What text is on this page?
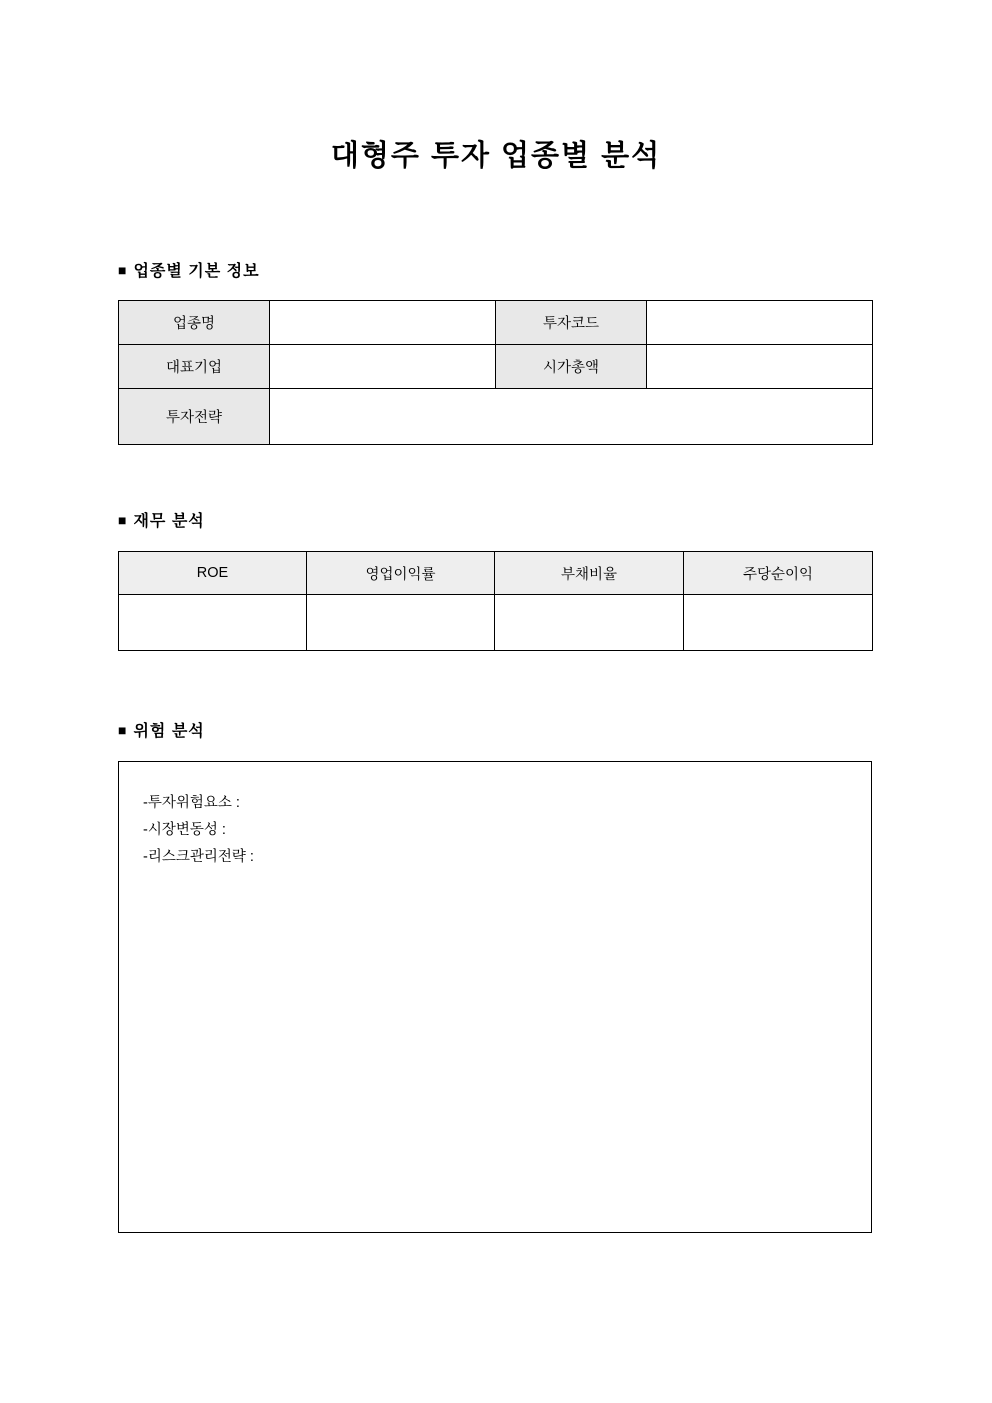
대형주 투자 업종별 분석
■ 업종별 기본 정보
업종명		투자코드	
대표기업		시가총액	
투자전략			
■ 재무 분석
ROE	영업이익률	부채비율	주당순이익

■ 위험 분석
-투자위험요소 :
-시장변동성 :
-리스크관리전략 :
